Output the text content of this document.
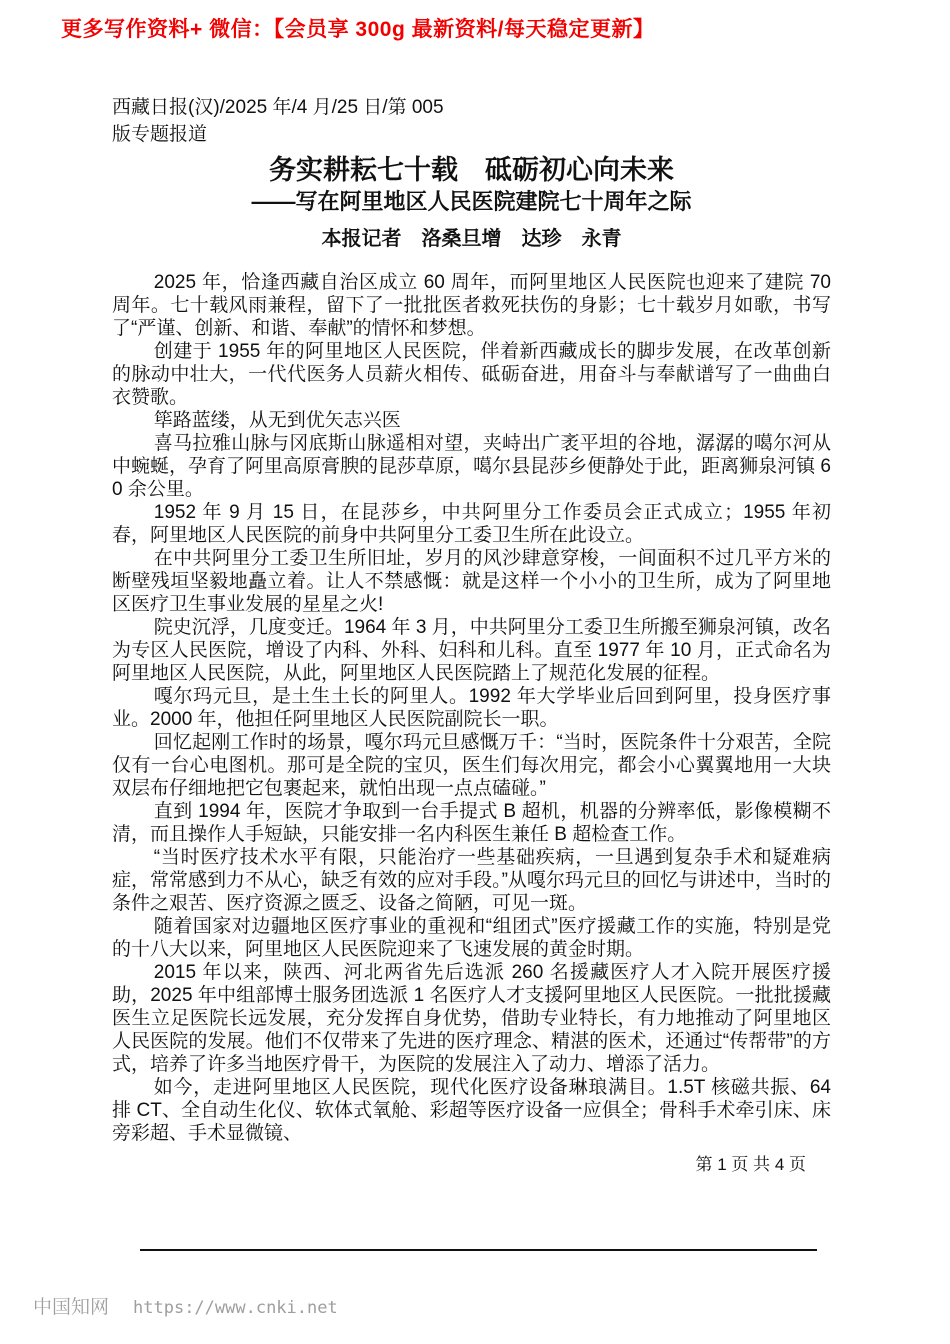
更多写作资料+ 微信：【会员享 300g 最新资料/每天稳定更新】
西藏日报(汉)/2025 年/4 月/25 日/第 005
版专题报道
务实耕耘七十载　砥砺初心向未来
——写在阿里地区人民医院建院七十周年之际
本报记者　洛桑旦增　达珍　永青

2025 年，恰逢西藏自治区成立 60 周年，而阿里地区人民医院也迎来了建院 70 周年。七十载风雨兼程，留下了一批批医者救死扶伤的身影；七十载岁月如歌，书写了“严谨、创新、和谐、奉献”的情怀和梦想。

创建于 1955 年的阿里地区人民医院，伴着新西藏成长的脚步发展，在改革创新的脉动中壮大，一代代医务人员薪火相传、砥砺奋进，用奋斗与奉献谱写了一曲曲白衣赞歌。

筚路蓝缕，从无到优矢志兴医

喜马拉雅山脉与冈底斯山脉遥相对望，夹峙出广袤平坦的谷地，潺潺的噶尔河从中蜿蜒，孕育了阿里高原膏腴的昆莎草原，噶尔县昆莎乡便静处于此，距离狮泉河镇 60 余公里。

1952 年 9 月 15 日，在昆莎乡，中共阿里分工作委员会正式成立；1955 年初春，阿里地区人民医院的前身中共阿里分工委卫生所在此设立。

在中共阿里分工委卫生所旧址，岁月的风沙肆意穿梭，一间面积不过几平方米的断壁残垣坚毅地矗立着。让人不禁感慨：就是这样一个小小的卫生所，成为了阿里地区医疗卫生事业发展的星星之火!

院史沉浮，几度变迁。1964 年 3 月，中共阿里分工委卫生所搬至狮泉河镇，改名为专区人民医院，增设了内科、外科、妇科和儿科。直至 1977 年 10 月，正式命名为阿里地区人民医院，从此，阿里地区人民医院踏上了规范化发展的征程。

嘎尔玛元旦，是土生土长的阿里人。1992 年大学毕业后回到阿里，投身医疗事业。2000 年，他担任阿里地区人民医院副院长一职。

回忆起刚工作时的场景，嘎尔玛元旦感慨万千：“当时，医院条件十分艰苦，全院仅有一台心电图机。那可是全院的宝贝，医生们每次用完，都会小心翼翼地用一大块双层布仔细地把它包裹起来，就怕出现一点点磕碰。”

直到 1994 年，医院才争取到一台手提式 B 超机，机器的分辨率低，影像模糊不清，而且操作人手短缺，只能安排一名内科医生兼任 B 超检查工作。

“当时医疗技术水平有限，只能治疗一些基础疾病，一旦遇到复杂手术和疑难病症，常常感到力不从心，缺乏有效的应对手段。”从嘎尔玛元旦的回忆与讲述中，当时的条件之艰苦、医疗资源之匮乏、设备之简陋，可见一斑。

随着国家对边疆地区医疗事业的重视和“组团式”医疗援藏工作的实施，特别是党的十八大以来，阿里地区人民医院迎来了飞速发展的黄金时期。

2015 年以来，陕西、河北两省先后选派 260 名援藏医疗人才入院开展医疗援助，2025 年中组部博士服务团选派 1 名医疗人才支援阿里地区人民医院。一批批援藏医生立足医院长远发展，充分发挥自身优势，借助专业特长，有力地推动了阿里地区人民医院的发展。他们不仅带来了先进的医疗理念、精湛的医术，还通过“传帮带”的方式，培养了许多当地医疗骨干，为医院的发展注入了动力、增添了活力。

如今，走进阿里地区人民医院，现代化医疗设备琳琅满目。1.5T 核磁共振、64 排 CT、全自动生化仪、软体式氧舱、彩超等医疗设备一应俱全；骨科手术牵引床、床旁彩超、手术显微镜、

第 1 页 共 4 页
中国知网 https://www.cnki.net
